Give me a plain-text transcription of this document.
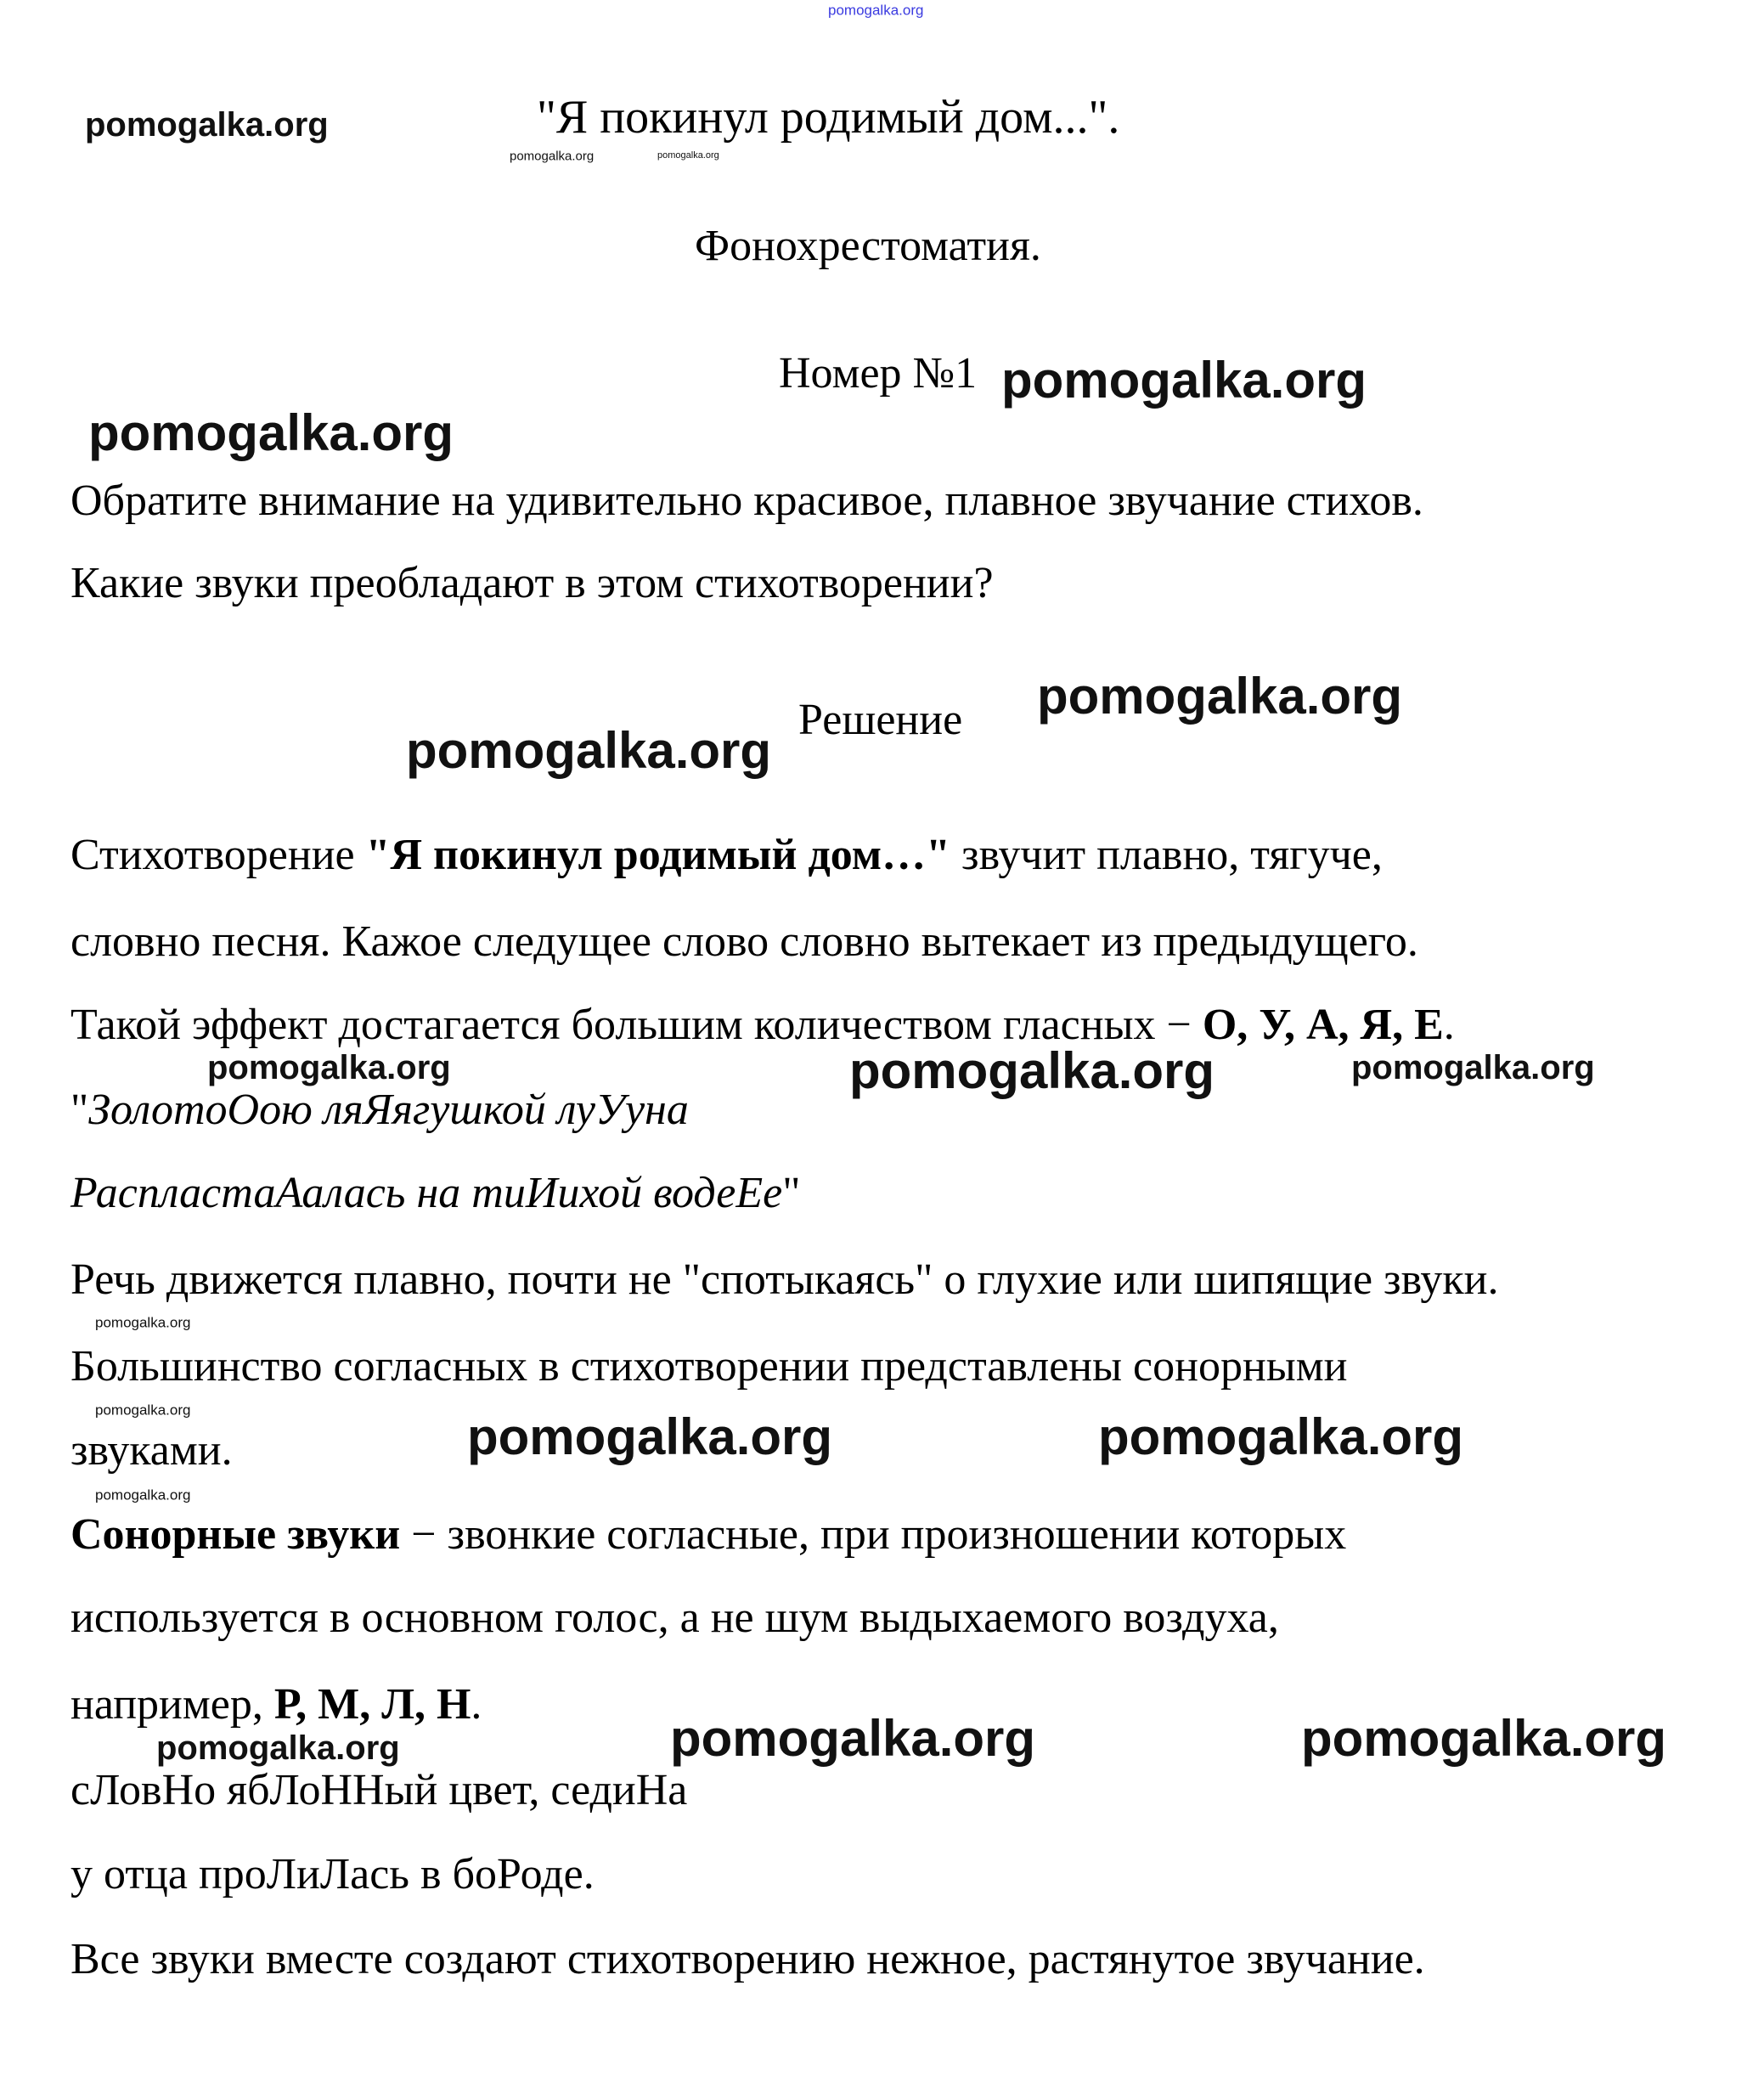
pomogalka.org
pomogalka.org
pomogalka.org	pomogalka.org
pomogalka.org
pomogalka.org
pomogalka.org
pomogalka.org
pomogalka.org	pomogalka.org	pomogalka.org
pomogalka.org
pomogalka.org
pomogalka.org	pomogalka.org
pomogalka.org
pomogalka.org	pomogalka.org
pomogalka.org
"Я покинул родимый дом...".
Фонохрестоматия.
Номер №1
Обратите внимание на удивительно красивое, плавное звучание стихов.
Какие звуки преобладают в этом стихотворении?
Решение
Стихотворение "Я покинул родимый дом…" звучит плавно, тягуче,
словно песня. Кажое следущее слово словно вытекает из предыдущего.
Такой эффект достагается большим количеством гласных − О, У, А, Я, Е.
"ЗолотоОою ляЯягушкой луУуна
РаспластаАалась на тиИихой водеЕе"
Речь движется плавно, почти не "спотыкаясь" о глухие или шипящие звуки.
Большинство согласных в стихотворении представлены сонорными
звуками.
Сонорные звуки − звонкие согласные, при произношении которых
используется в основном голос, а не шум выдыхаемого воздуха,
например, Р, М, Л, Н.
сЛовНо ябЛоННый цвет, седиНа
у отца проЛиЛась в боРоде.
Все звуки вместе создают стихотворению нежное, растянутое звучание.
